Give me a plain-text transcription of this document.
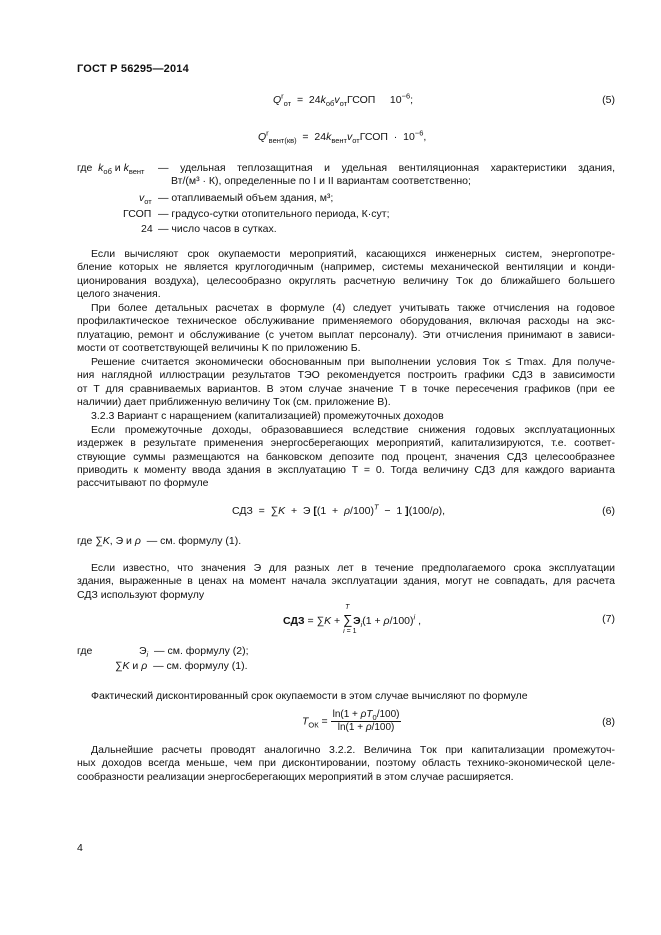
ГОСТ Р 56295—2014
$Q^r_{от}$  =  $24k_{об}v_{от}ГСОП$     $10^{-6}$;	(5)
$Q^r_{вент(кв)}$  =  $24k_{вент}v_{от}ГСОП \cdot 10^{-6}$,
где $k_{об}$ и $k_{вент}$ — удельная теплозащитная и удельная вентиляционная характеристики здания,
Вт/(м³ · К), определенные по I и II вариантам соответственно;
$v_{от}$ — отапливаемый объем здания, м³;
ГСОП — градусо-сутки отопительного периода, К·сут;
24 — число часов в сутках.
Если вычисляют срок окупаемости мероприятий, касающихся инженерных систем, энергопотре-
бление которых не является круглогодичным (например, системы механической вентиляции и конди-
ционирования воздуха), целесообразно округлять расчетную величину Tок до ближайшего большего
целого значения.
При более детальных расчетах в формуле (4) следует учитывать также отчисления на годовое
профилактическое техническое обслуживание применяемого оборудования, включая расходы на экс-
плуатацию, ремонт и обслуживание (с учетом выплат персоналу). Эти отчисления принимают в зависи-
мости от соответствующей величины K по приложению Б.
Решение считается экономически обоснованным при выполнении условия Tок ≤ Tmax. Для получе-
ния наглядной иллюстрации результатов ТЭО рекомендуется построить графики СДЗ в зависимости
от T для сравниваемых вариантов. В этом случае значение T в точке пересечения графиков (при ее
наличии) дает приближенную величину Tок (см. приложение В).
3.2.3 Вариант с наращением (капитализацией) промежуточных доходов
Если промежуточные доходы, образовавшиеся вследствие снижения годовых эксплуатационных
издержек в результате применения энергосберегающих мероприятий, капитализируются, т.е. соответ-
ствующие суммы размещаются на банковском депозите под процент, значения СДЗ целесообразнее
приводить к моменту ввода здания в эксплуатацию T = 0. Тогда величину СДЗ для каждого варианта
рассчитывают по формуле
СДЗ  =  ∑K  +  Э [$(1 + \rho/100)^T - 1$ ](100/ρ),	(6)
где ∑K, Э и ρ  — см. формулу (1).
Если известно, что значения Э для разных лет в течение предполагаемого срока эксплуатации
здания, выраженные в ценах на момент начала эксплуатации здания, могут не совпадать, для расчета
СДЗ используют формулу
СДЗ = ∑K + ∑
T
i = 1
$Э_i(1 + \rho/100)^i$ ,	(7)
где	$Э_i$  — см. формулу (2);
∑K и ρ  — см. формулу (1).
Фактический дисконтированный срок окупаемости в этом случае вычисляют по формуле
$T_{ОК} = \frac{\ln(1 + \rho T_0/100)}{\ln(1 + \rho/100)}$	(8)
Дальнейшие расчеты проводят аналогично 3.2.2. Величина Tок при капитализации промежуточ-
ных доходов всегда меньше, чем при дисконтировании, поэтому область технико-экономической целе-
сообразности реализации энергосберегающих мероприятий в этом случае расширяется.
4
